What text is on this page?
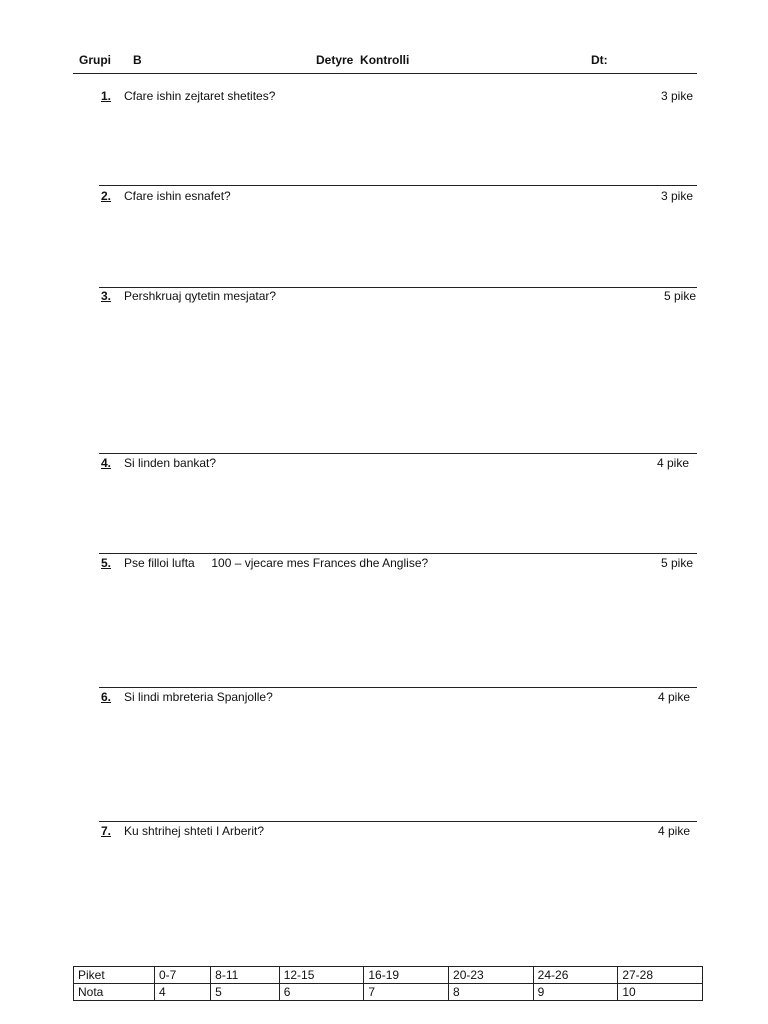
Grupi B	Detyre  Kontrolli	Dt:
1. Cfare ishin zejtaret shetites?	3 pike
2. Cfare ishin esnafet?	3 pike
3. Pershkruaj qytetin mesjatar?	5 pike
4. Si linden bankat?	4 pike
5. Pse filloi lufta     100 – vjecare mes Frances dhe Anglise?	5 pike
6. Si lindi mbreteria Spanjolle?	4 pike
7. Ku shtrihej shteti I Arberit?	4 pike
Piket	0-7	8-11	12-15	16-19	20-23	24-26	27-28
Nota	4	5	6	7	8	9	10
